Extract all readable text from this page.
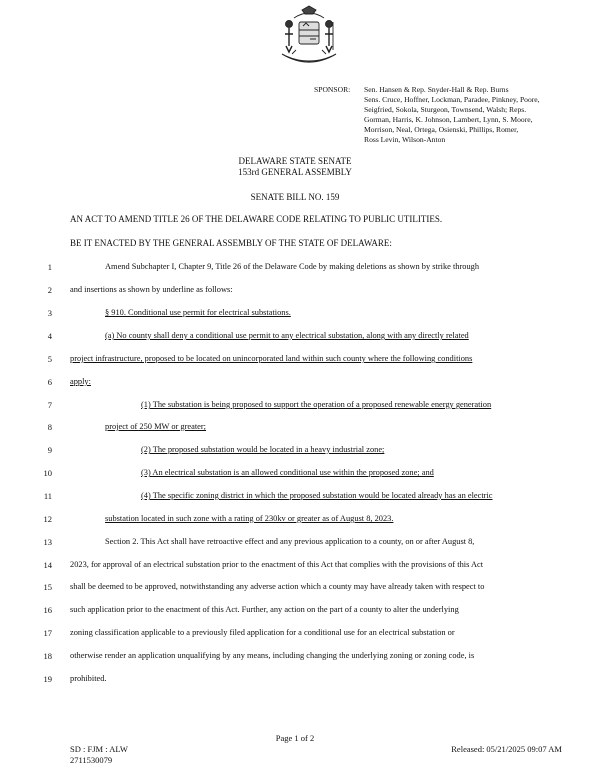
SPONSOR: Sen. Hansen & Rep. Snyder-Hall & Rep. Burns
Sens. Cruce, Hoffner, Lockman, Paradee, Pinkney, Poore,
Seigfried, Sokola, Sturgeon, Townsend, Walsh; Reps.
Gorman, Harris, K. Johnson, Lambert, Lynn, S. Moore,
Morrison, Neal, Ortega, Osienski, Phillips, Romer,
Ross Levin, Wilson-Anton
DELAWARE STATE SENATE
153rd GENERAL ASSEMBLY
SENATE BILL NO. 159
AN ACT TO AMEND TITLE 26 OF THE DELAWARE CODE RELATING TO PUBLIC UTILITIES.
BE IT ENACTED BY THE GENERAL ASSEMBLY OF THE STATE OF DELAWARE:
1	Amend Subchapter I, Chapter 9, Title 26 of the Delaware Code by making deletions as shown by strike through
2 and insertions as shown by underline as follows:
3	§ 910. Conditional use permit for electrical substations.
4	(a) No county shall deny a conditional use permit to any electrical substation, along with any directly related
5 project infrastructure, proposed to be located on unincorporated land within such county where the following conditions
6 apply:
7	(1) The substation is being proposed to support the operation of a proposed renewable energy generation
8	project of 250 MW or greater;
9	(2) The proposed substation would be located in a heavy industrial zone;
10	(3) An electrical substation is an allowed conditional use within the proposed zone; and
11	(4) The specific zoning district in which the proposed substation would be located already has an electric
12	substation located in such zone with a rating of 230kv or greater as of August 8, 2023.
13	Section 2. This Act shall have retroactive effect and any previous application to a county, on or after August 8,
14 2023, for approval of an electrical substation prior to the enactment of this Act that complies with the provisions of this Act
15 shall be deemed to be approved, notwithstanding any adverse action which a county may have already taken with respect to
16 such application prior to the enactment of this Act. Further, any action on the part of a county to alter the underlying
17 zoning classification applicable to a previously filed application for a conditional use for an electrical substation or
18 otherwise render an application unqualifying by any means, including changing the underlying zoning or zoning code, is
19 prohibited.
Page 1 of 2
SD : FJM : ALW
2711530079
Released: 05/21/2025 09:07 AM
